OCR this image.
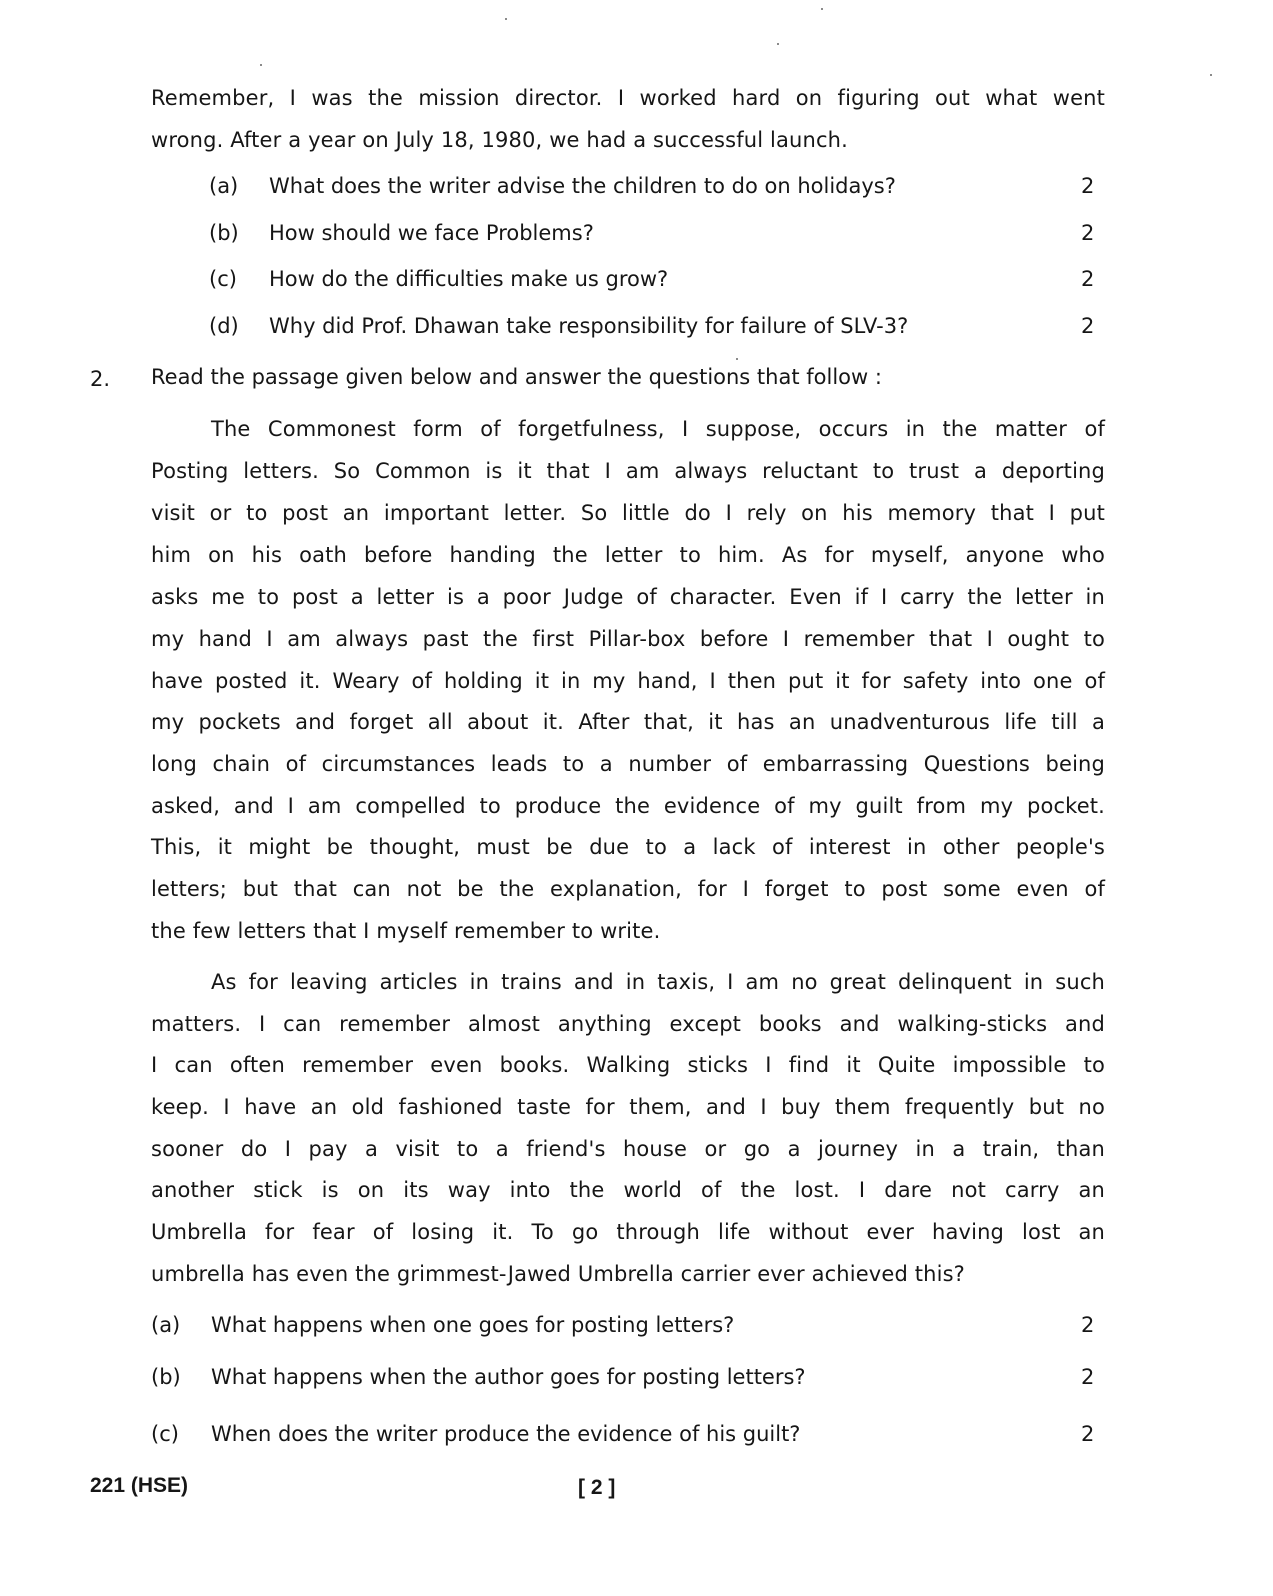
Remember, I was the mission director. I worked hard on figuring out what went
wrong. After a year on July 18, 1980, we had a successful launch.
(a) What does the writer advise the children to do on holidays?	2
(b) How should we face Problems?	2
(c) How do the difficulties make us grow?	2
(d) Why did Prof. Dhawan take responsibility for failure of SLV-3?	2
2. Read the passage given below and answer the questions that follow :
The Commonest form of forgetfulness, I suppose, occurs in the matter of
Posting letters. So Common is it that I am always reluctant to trust a deporting
visit or to post an important letter. So little do I rely on his memory that I put
him on his oath before handing the letter to him. As for myself, anyone who
asks me to post a letter is a poor Judge of character. Even if I carry the letter in
my hand I am always past the first Pillar-box before I remember that I ought to
have posted it. Weary of holding it in my hand, I then put it for safety into one of
my pockets and forget all about it. After that, it has an unadventurous life till a
long chain of circumstances leads to a number of embarrassing Questions being
asked, and I am compelled to produce the evidence of my guilt from my pocket.
This, it might be thought, must be due to a lack of interest in other people's
letters; but that can not be the explanation, for I forget to post some even of
the few letters that I myself remember to write.
As for leaving articles in trains and in taxis, I am no great delinquent in such
matters. I can remember almost anything except books and walking-sticks and
I can often remember even books. Walking sticks I find it Quite impossible to
keep. I have an old fashioned taste for them, and I buy them frequently but no
sooner do I pay a visit to a friend's house or go a journey in a train, than
another stick is on its way into the world of the lost. I dare not carry an
Umbrella for fear of losing it. To go through life without ever having lost an
umbrella has even the grimmest-Jawed Umbrella carrier ever achieved this?
(a) What happens when one goes for posting letters?	2
(b) What happens when the author goes for posting letters?	2
(c) When does the writer produce the evidence of his guilt?	2
221 (HSE)	[ 2 ]
